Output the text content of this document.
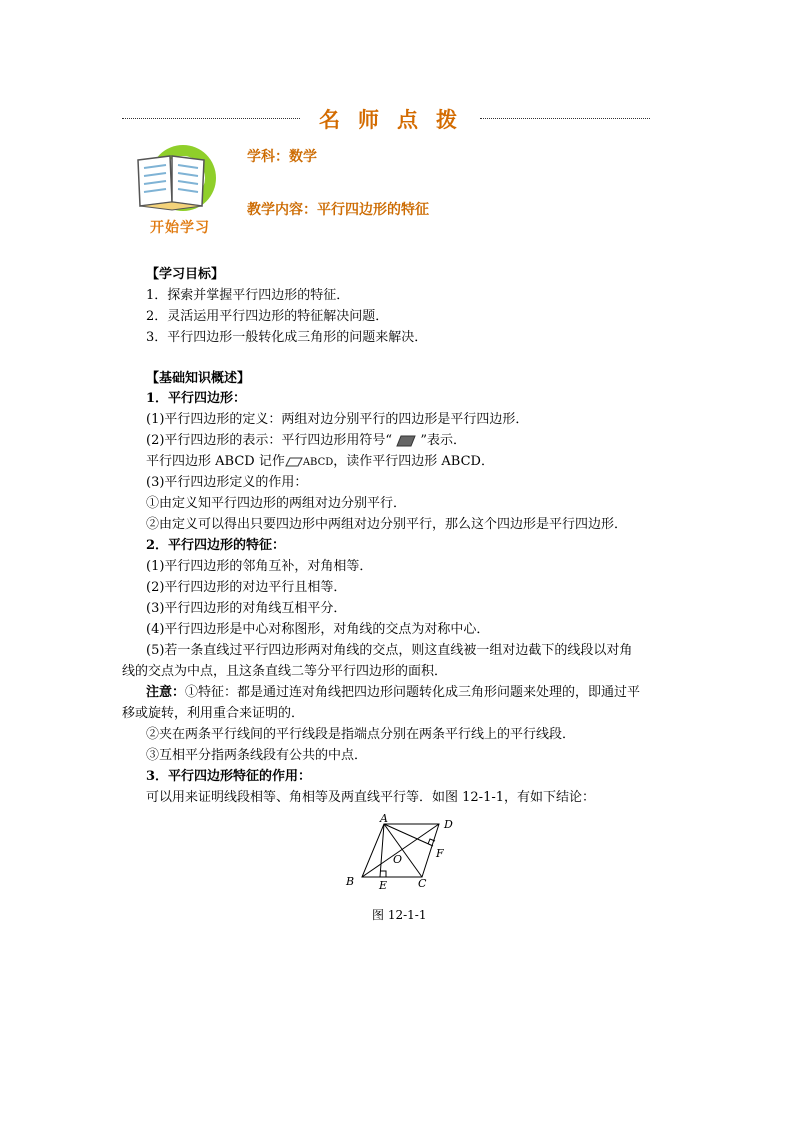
名师点拨
开始学习
学科：数学
教学内容：平行四边形的特征
【学习目标】
1．探索并掌握平行四边形的特征．
2．灵活运用平行四边形的特征解决问题．
3．平行四边形一般转化成三角形的问题来解决．
【基础知识概述】
1．平行四边形：
(1)平行四边形的定义：两组对边分别平行的四边形是平行四边形．
(2)平行四边形的表示：平行四边形用符号“ ”表示．
平行四边形 ABCD 记作 ABCD，读作平行四边形 ABCD．
(3)平行四边形定义的作用：
①由定义知平行四边形的两组对边分别平行．
②由定义可以得出只要四边形中两组对边分别平行，那么这个四边形是平行四边形．
2．平行四边形的特征：
(1)平行四边形的邻角互补，对角相等．
(2)平行四边形的对边平行且相等．
(3)平行四边形的对角线互相平分．
(4)平行四边形是中心对称图形，对角线的交点为对称中心．
(5)若一条直线过平行四边形两对角线的交点，则这直线被一组对边截下的线段以对角
线的交点为中点，且这条直线二等分平行四边形的面积．
注意：①特征：都是通过连对角线把四边形问题转化成三角形问题来处理的，即通过平
移或旋转，利用重合来证明的．
②夹在两条平行线间的平行线段是指端点分别在两条平行线上的平行线段．
③互相平分指两条线段有公共的中点．
3．平行四边形特征的作用：
可以用来证明线段相等、角相等及两直线平行等．如图 12-1-1，有如下结论：
A	D
B	C
E
F
O
图 12-1-1
